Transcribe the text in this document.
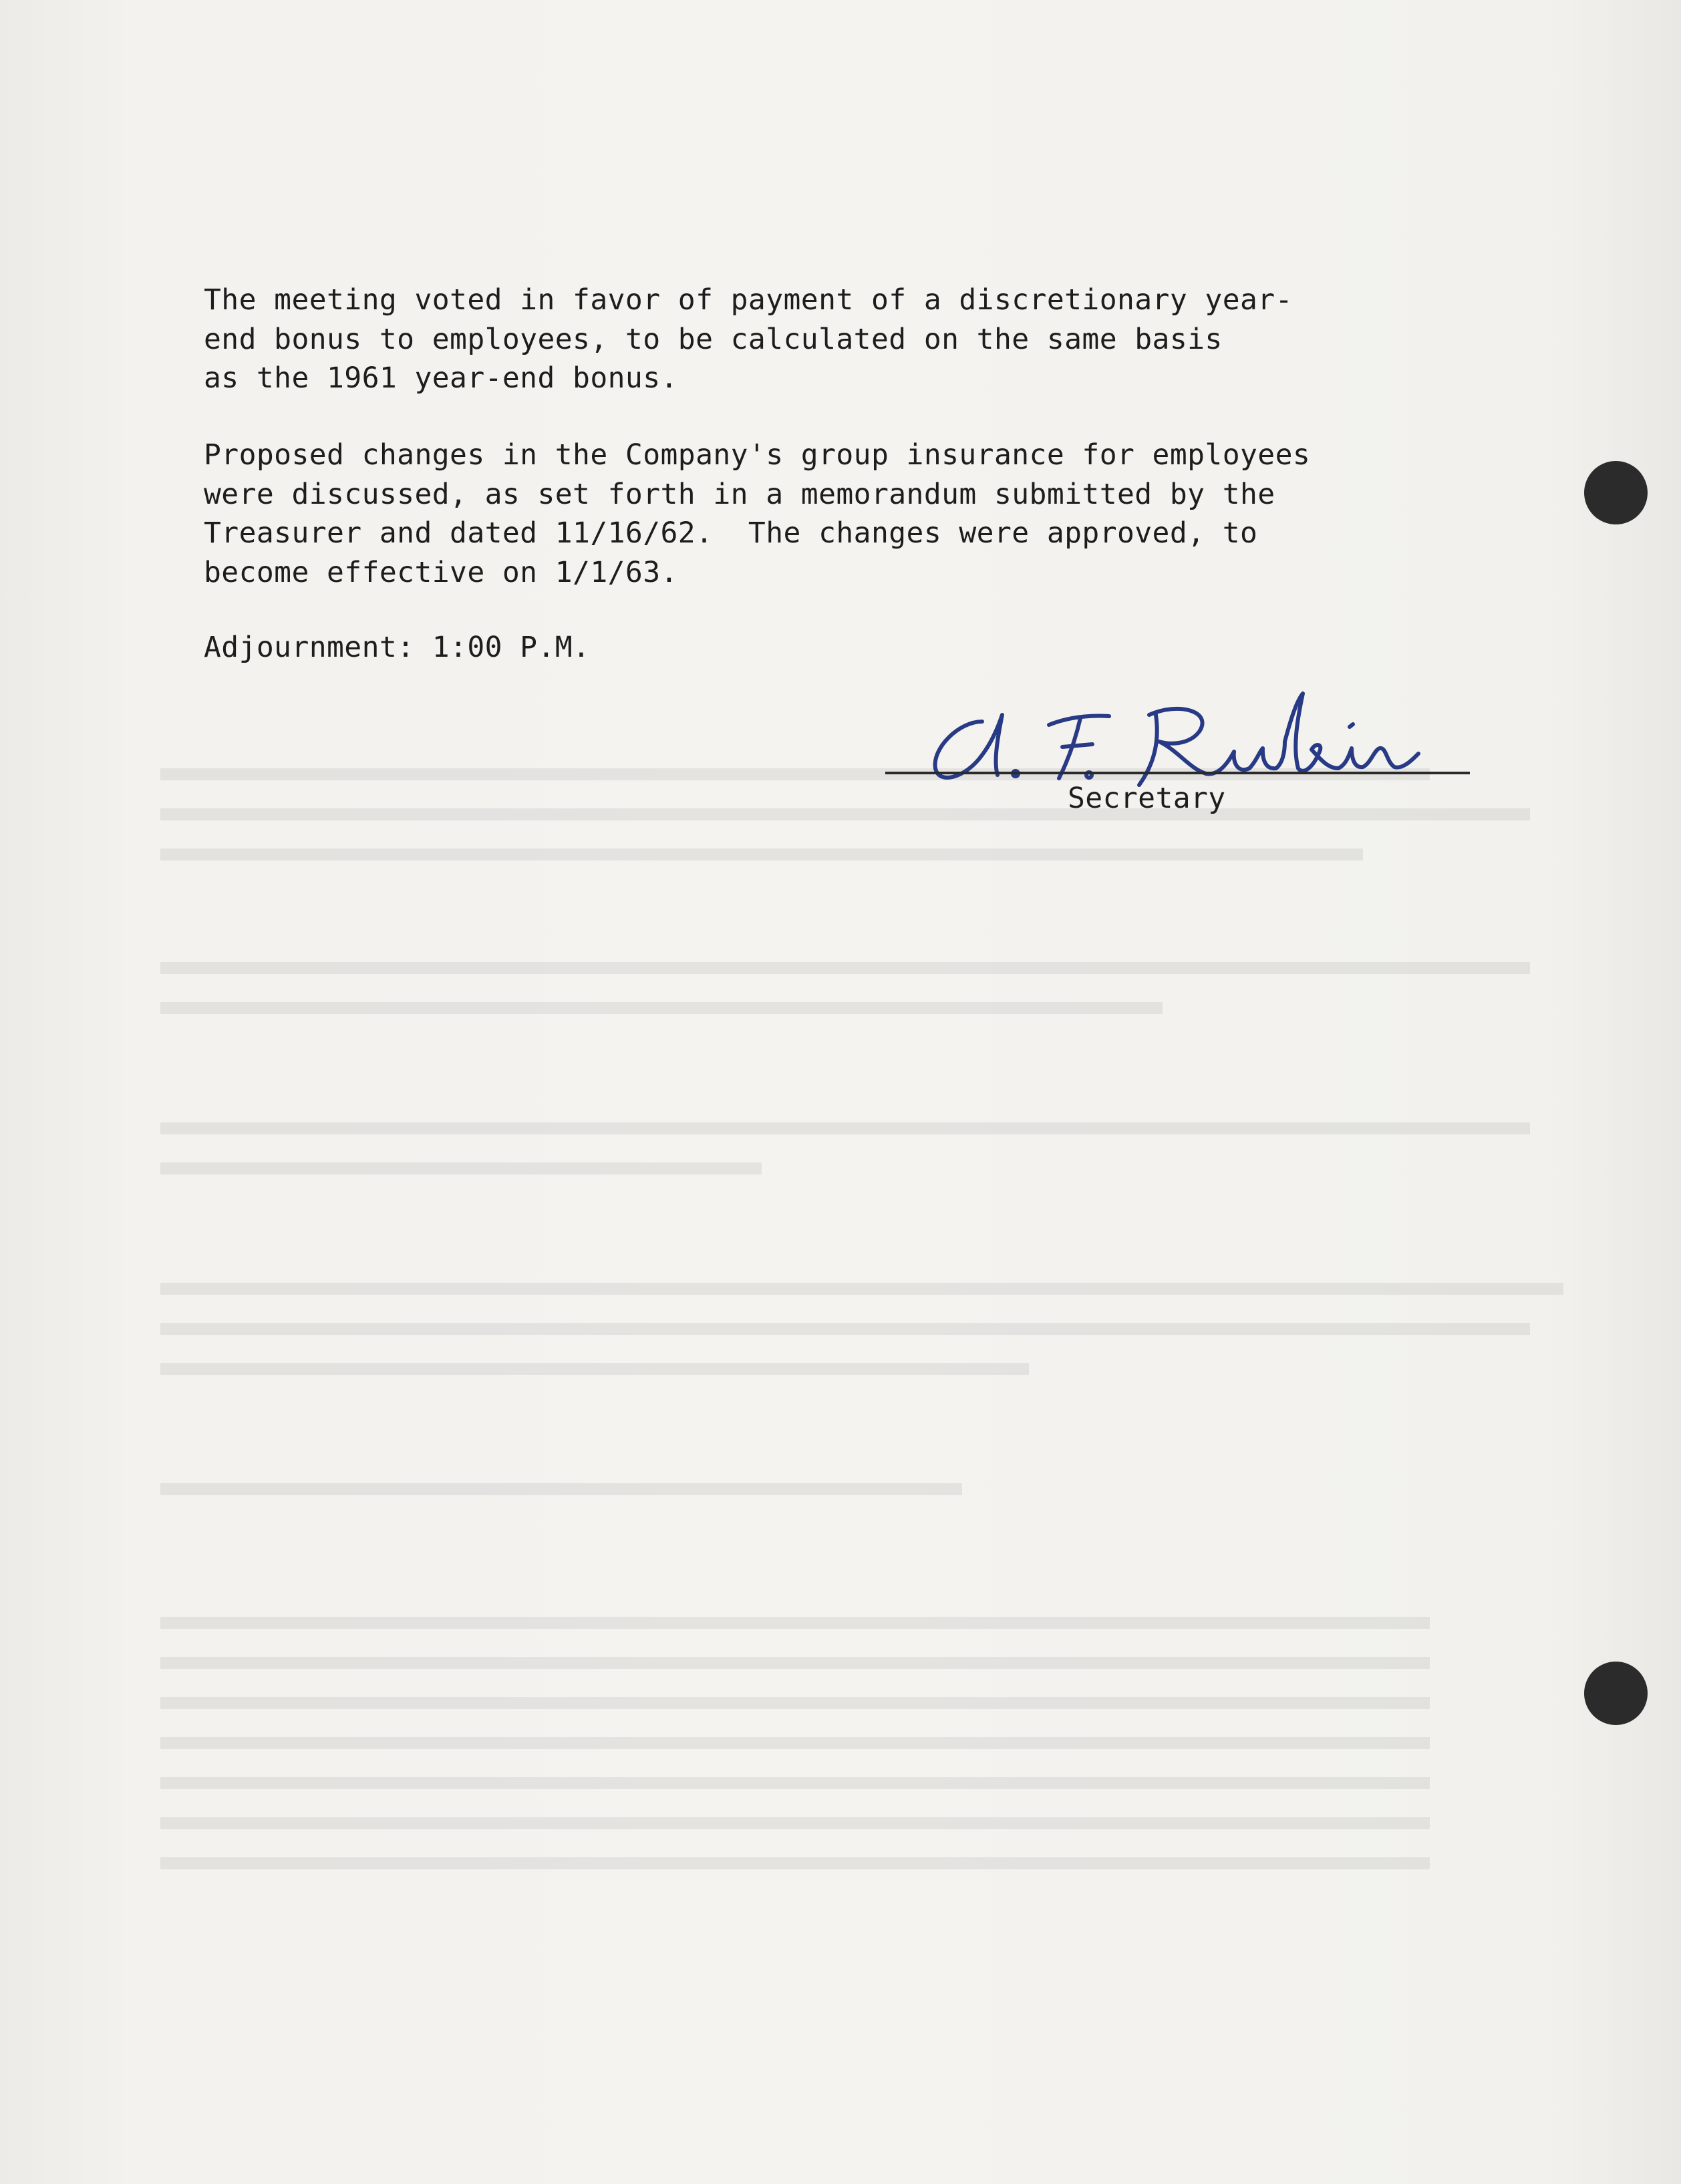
The meeting voted in favor of payment of a discretionary year-
end bonus to employees, to be calculated on the same basis
as the 1961 year-end bonus.
Proposed changes in the Company's group insurance for employees
were discussed, as set forth in a memorandum submitted by the
Treasurer and dated 11/16/62.  The changes were approved, to
become effective on 1/1/63.
Adjournment: 1:00 P.M.
Secretary
